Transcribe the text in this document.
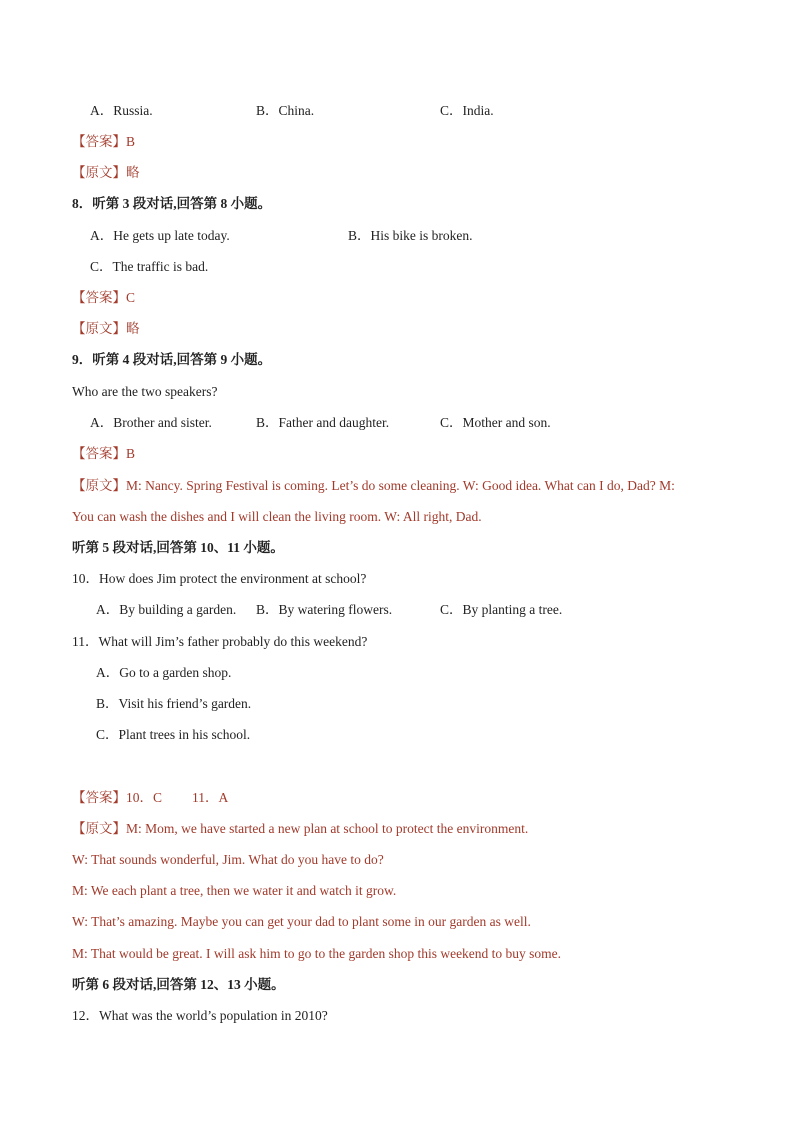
A．Russia.	B．China.	C．India.
【答案】B
【原文】略
8．听第 3 段对话,回答第 8 小题。
A．He gets up late today.	B．His bike is broken.
C．The traffic is bad.
【答案】C
【原文】略
9．听第 4 段对话,回答第 9 小题。
Who are the two speakers?
A．Brother and sister.	B．Father and daughter.	C．Mother and son.
【答案】B
【原文】M: Nancy. Spring Festival is coming. Let’s do some cleaning. W: Good idea. What can I do, Dad? M:
You can wash the dishes and I will clean the living room. W: All right, Dad.
听第 5 段对话,回答第 10、11 小题。
10．How does Jim protect the environment at school?
A．By building a garden. B．By watering flowers.	C．By planting a tree.
11．What will Jim’s father probably do this weekend?
A．Go to a garden shop.
B．Visit his friend’s garden.
C．Plant trees in his school.
【答案】10．C 11．A
【原文】M: Mom, we have started a new plan at school to protect the environment.
W: That sounds wonderful, Jim. What do you have to do?
M: We each plant a tree, then we water it and watch it grow.
W: That’s amazing. Maybe you can get your dad to plant some in our garden as well.
M: That would be great. I will ask him to go to the garden shop this weekend to buy some.
听第 6 段对话,回答第 12、13 小题。
12．What was the world’s population in 2010?
